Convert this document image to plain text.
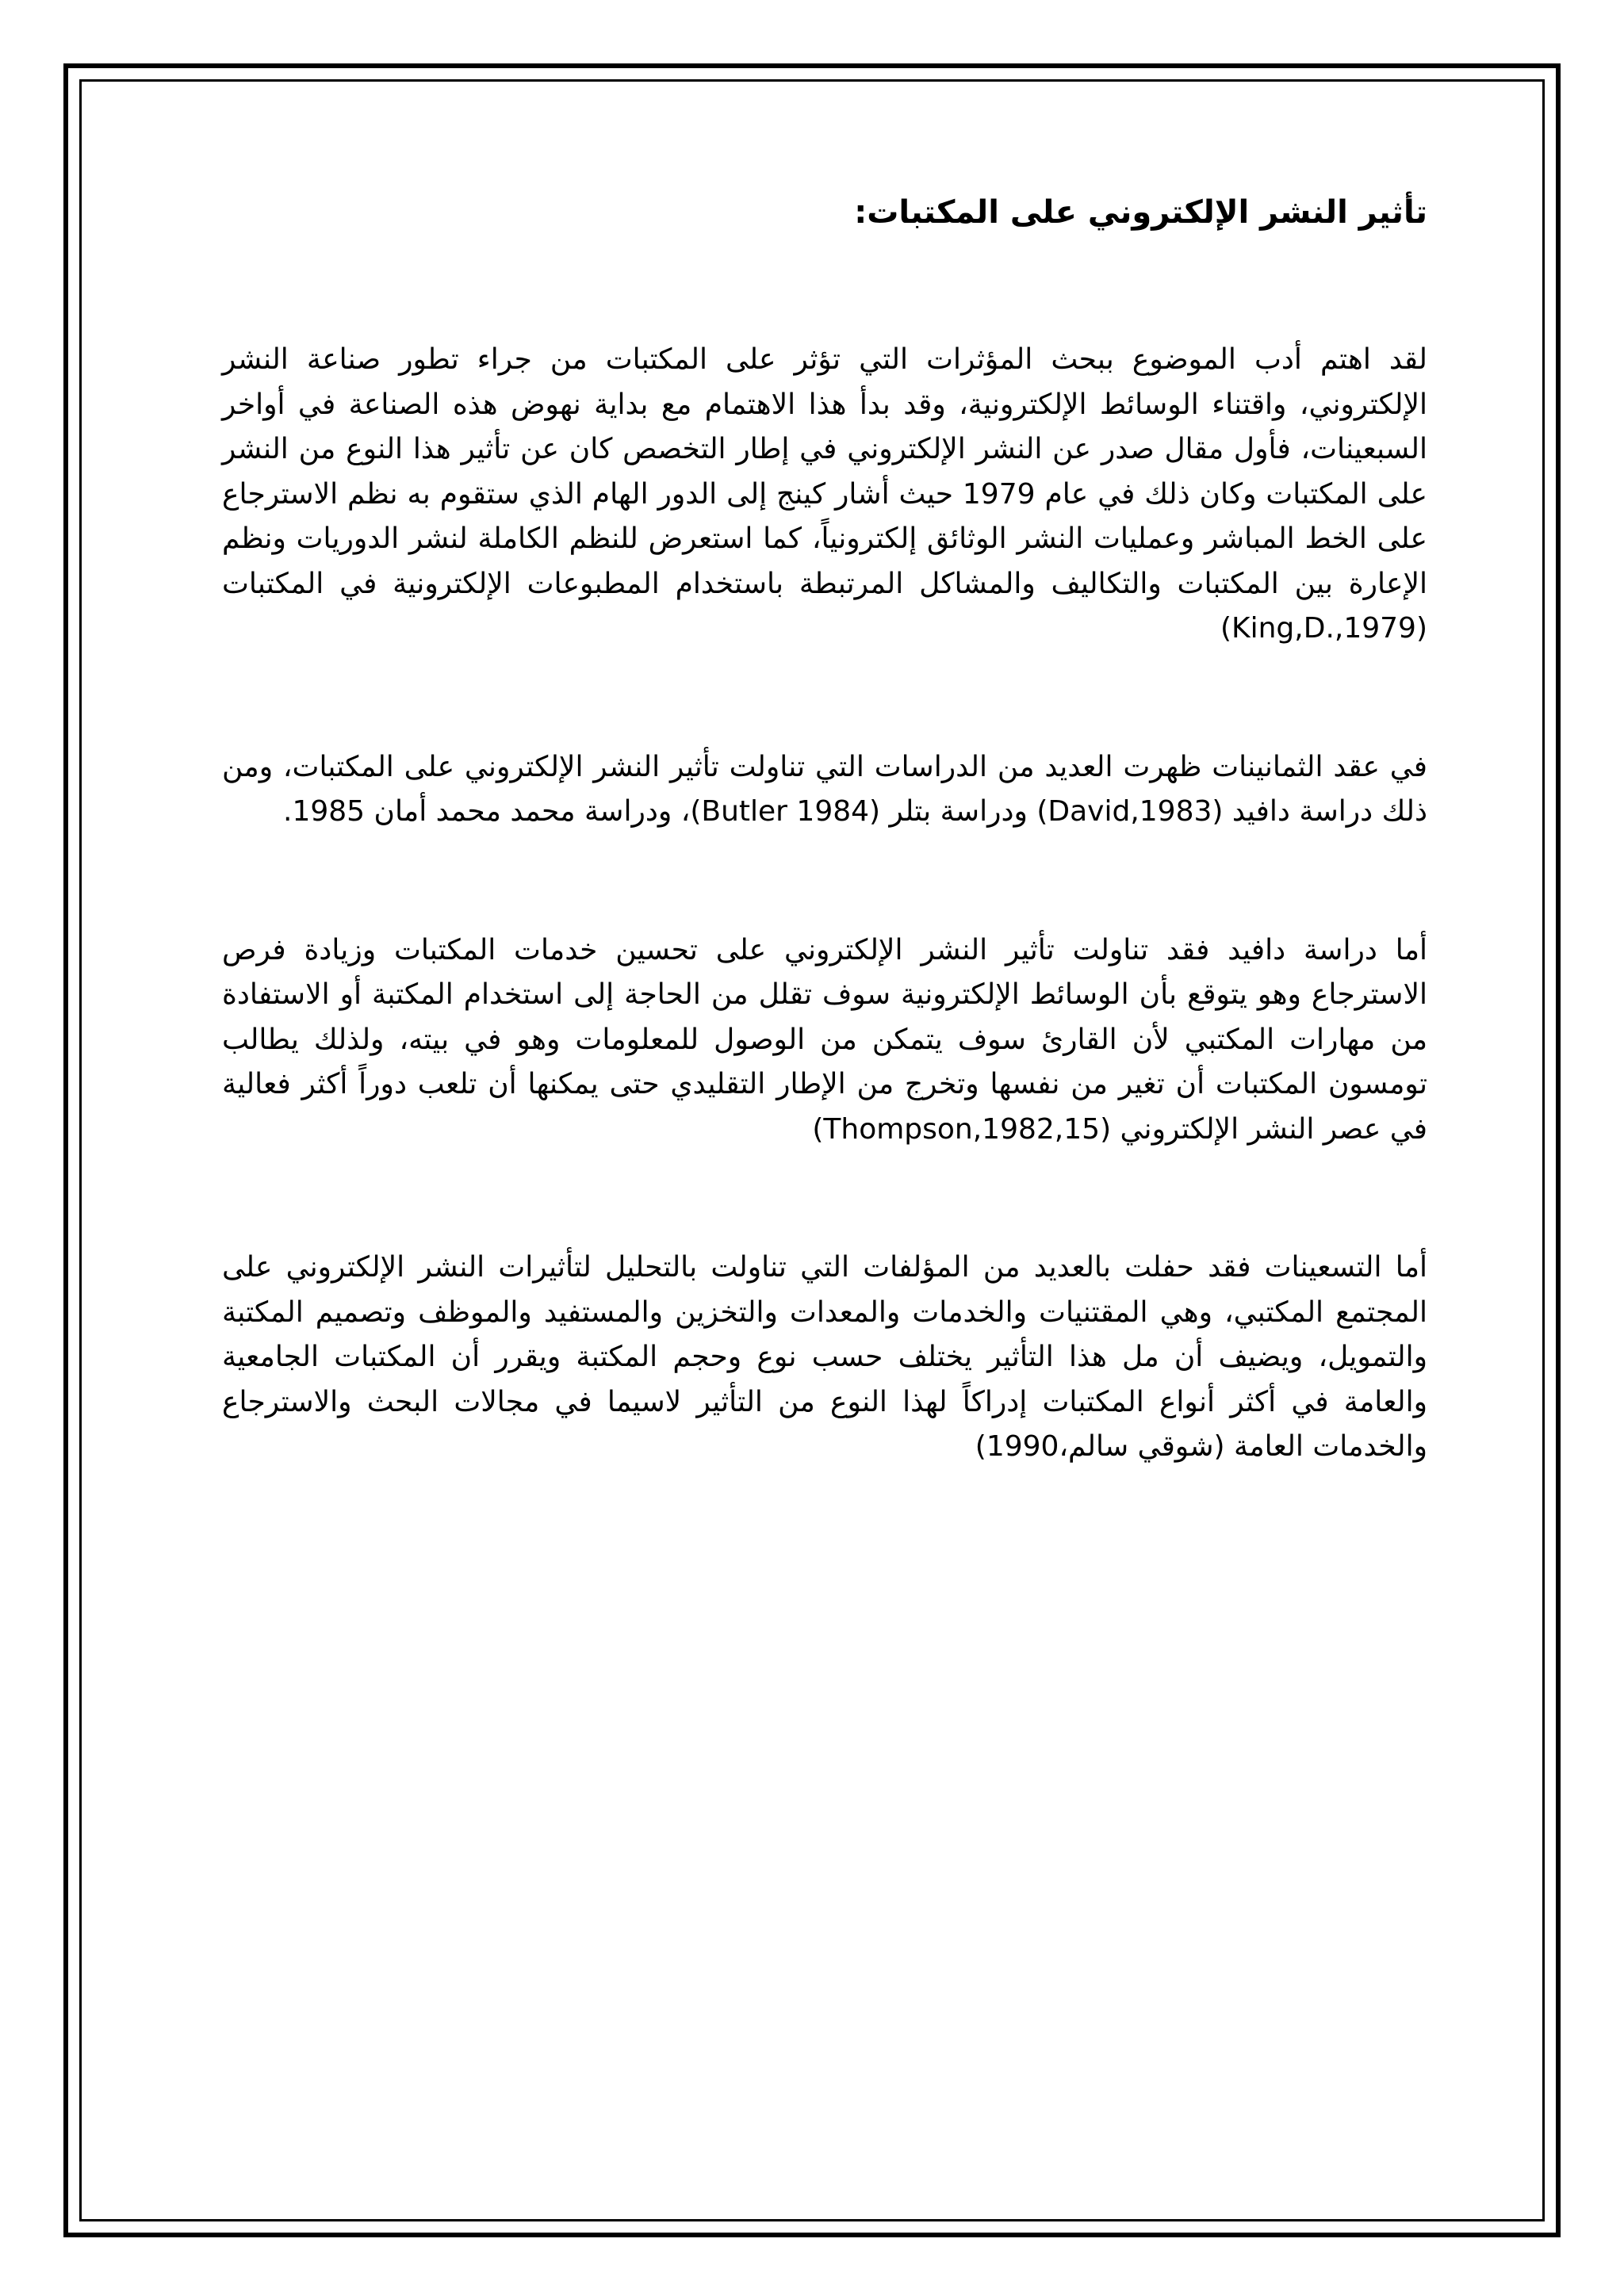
تأثير النشر الإلكتروني على المكتبات:

لقد اهتم أدب الموضوع ببحث المؤثرات التي تؤثر على المكتبات من جراء تطور صناعة النشر الإلكتروني، واقتناء الوسائط الإلكترونية، وقد بدأ هذا الاهتمام مع بداية نهوض هذه الصناعة في أواخر السبعينات، فأول مقال صدر عن النشر الإلكتروني في إطار التخصص كان عن تأثير هذا النوع من النشر على المكتبات وكان ذلك في عام 1979 حيث أشار كينج إلى الدور الهام الذي ستقوم به نظم الاسترجاع على الخط المباشر وعمليات النشر الوثائق إلكترونياً، كما استعرض للنظم الكاملة لنشر الدوريات ونظم الإعارة بين المكتبات والتكاليف والمشاكل المرتبطة باستخدام المطبوعات الإلكترونية في المكتبات (King,D.,1979)

في عقد الثمانينات ظهرت العديد من الدراسات التي تناولت تأثير النشر الإلكتروني على المكتبات، ومن ذلك دراسة دافيد (David,1983) ودراسة بتلر (Butler 1984)، ودراسة محمد محمد أمان 1985.

أما دراسة دافيد فقد تناولت تأثير النشر الإلكتروني على تحسين خدمات المكتبات وزيادة فرص الاسترجاع وهو يتوقع بأن الوسائط الإلكترونية سوف تقلل من الحاجة إلى استخدام المكتبة أو الاستفادة من مهارات المكتبي لأن القارئ سوف يتمكن من الوصول للمعلومات وهو في بيته، ولذلك يطالب تومسون المكتبات أن تغير من نفسها وتخرج من الإطار التقليدي حتى يمكنها أن تلعب دوراً أكثر فعالية في عصر النشر الإلكتروني (Thompson,1982,15)

أما التسعينات فقد حفلت بالعديد من المؤلفات التي تناولت بالتحليل لتأثيرات النشر الإلكتروني على المجتمع المكتبي، وهي المقتنيات والخدمات والمعدات والتخزين والمستفيد والموظف وتصميم المكتبة والتمويل، ويضيف أن مل هذا التأثير يختلف حسب نوع وحجم المكتبة ويقرر أن المكتبات الجامعية والعامة في أكثر أنواع المكتبات إدراكاً لهذا النوع من التأثير لاسيما في مجالات البحث والاسترجاع والخدمات العامة (شوقي سالم،1990)
